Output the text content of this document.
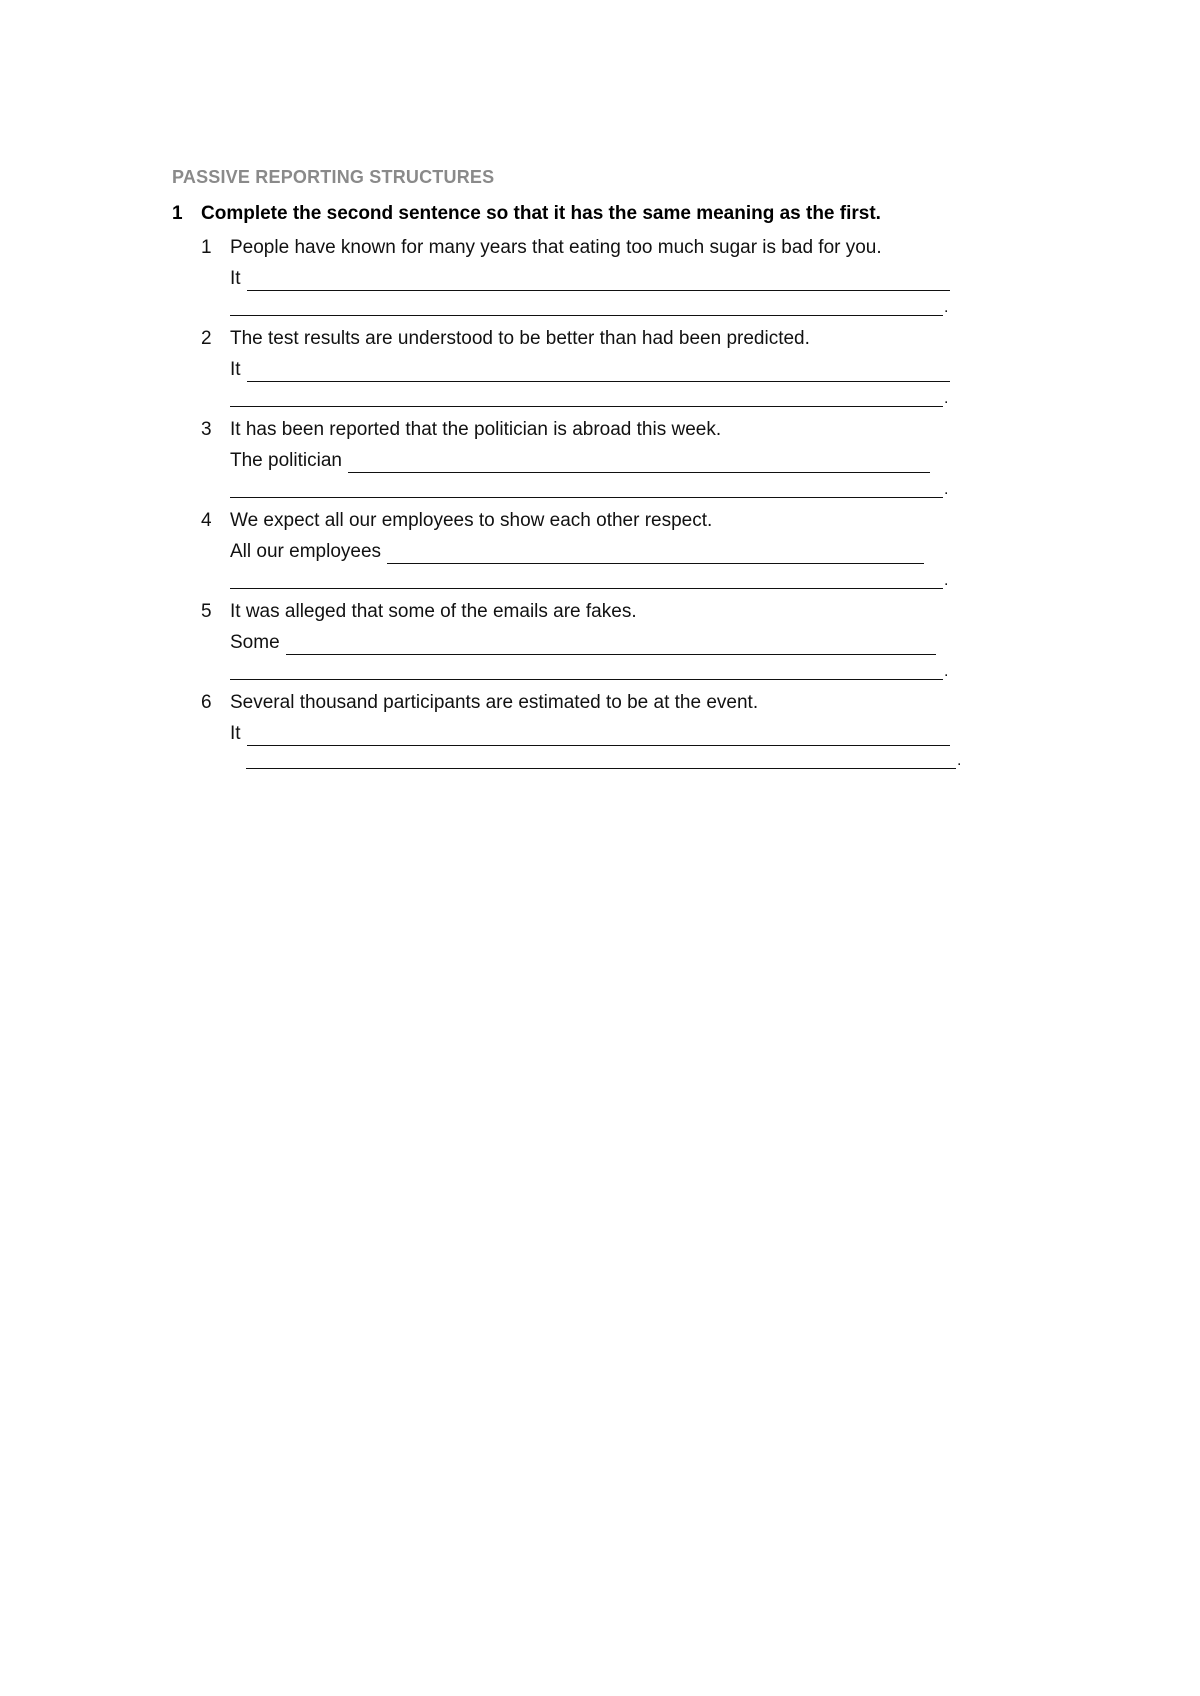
PASSIVE REPORTING STRUCTURES
1 Complete the second sentence so that it has the same meaning as the first.
1 People have known for many years that eating too much sugar is bad for you.
It
.
2 The test results are understood to be better than had been predicted.
It
.
3 It has been reported that the politician is abroad this week.
The politician
.
4 We expect all our employees to show each other respect.
All our employees
.
5 It was alleged that some of the emails are fakes.
Some
.
6 Several thousand participants are estimated to be at the event.
It
.
